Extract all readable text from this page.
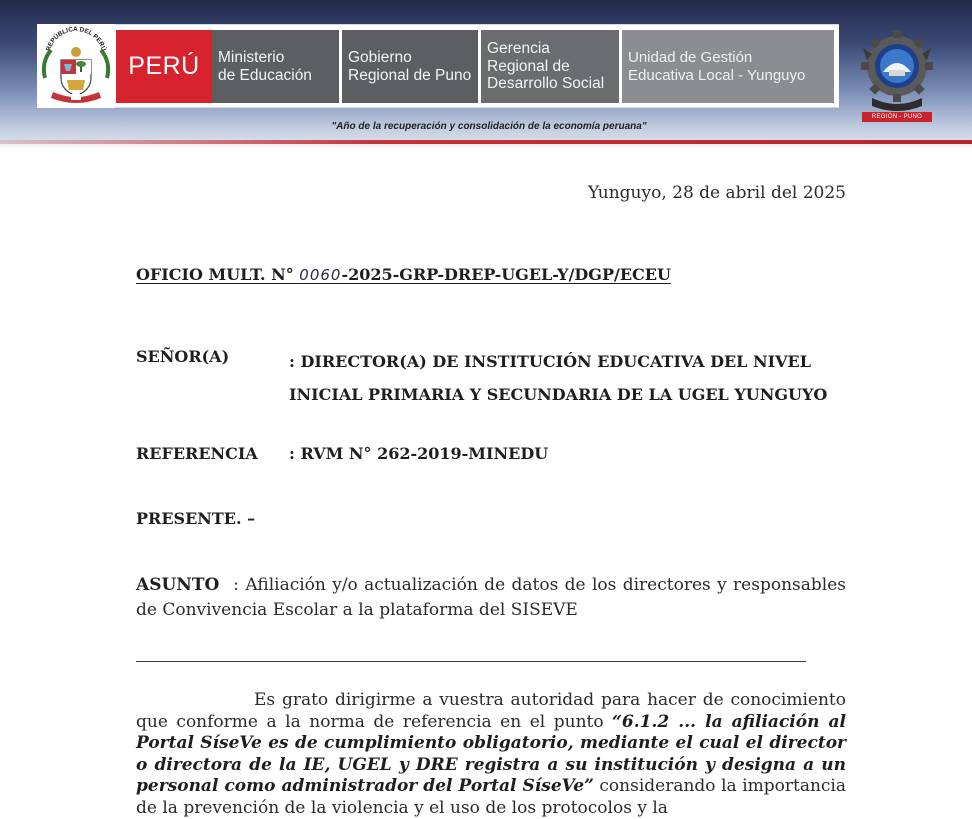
REPÚBLICA DEL PERÚ
PERÚ Ministerio
de Educación
Gobierno
Regional de Puno
Gerencia
Regional de
Desarrollo Social
Unidad de Gestión
Educativa Local - Yunguyo
REGIÓN - PUNO
"Año de la recuperación y consolidación de la economía peruana"
Yunguyo, 28 de abril del 2025
OFICIO MULT. N° 0060-2025-GRP-DREP-UGEL-Y/DGP/ECEU
SEÑOR(A)	: DIRECTOR(A) DE INSTITUCIÓN EDUCATIVA DEL NIVEL INICIAL PRIMARIA Y SECUNDARIA DE LA UGEL YUNGUYO
REFERENCIA : RVM N° 262-2019-MINEDU
PRESENTE. –
ASUNTO : Afiliación y/o actualización de datos de los directores y responsables de Convivencia Escolar a la plataforma del SISEVE
Es grato dirigirme a vuestra autoridad para hacer de conocimiento que conforme a la norma de referencia en el punto “6.1.2 ... la afiliación al Portal SíseVe es de cumplimiento obligatorio, mediante el cual el director o directora de la IE, UGEL y DRE registra a su institución y designa a un personal como administrador del Portal SíseVe” considerando la importancia de la prevención de la violencia y el uso de los protocolos y la
